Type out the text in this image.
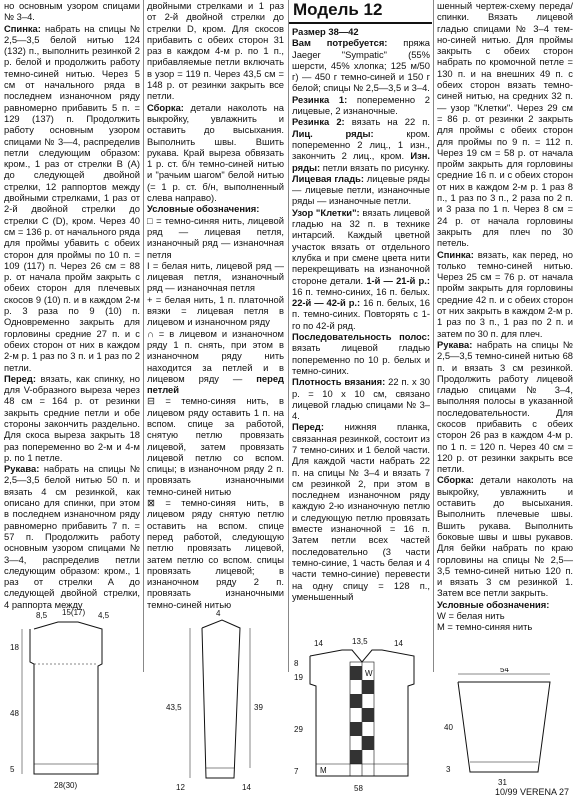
но основным узором спицами № 3–4.

Спинка: набрать на спицы № 2,5—3,5 белой нитью 124 (132) п., выполнить резинкой 2 р. белой и продолжить работу темно-синей нитью. Через 5 см от начального ряда в последнем изнаночном ряду равномерно прибавить 5 п. = 129 (137) п. Продолжить работу основным узором спицами № 3—4, распределив петли следующим образом: кром., 1 раз от стрелки В (А) до следующей двойной стрелки, 12 раппортов между двойными стрелками, 1 раз от 2-й двойной стрелки до стрелки С (D), кром. Через 40 см = 136 р. от начального ряда для проймы убавить с обеих сторон для проймы по 10 п. = 109 (117) п. Через 26 см = 88 р. от начала пройм закрыть с обеих сторон для плечевых скосов 9 (10) п. и в каждом 2-м р. 3 раза по 9 (10) п. Одновременно закрыть для горловины средние 27 п. и с обеих сторон от них в каждом 2-м р. 1 раз по 3 п. и 1 раз по 2 петли.

Перед: вязать, как спинку, но для V-образного выреза через 48 см = 164 р. от резинки закрыть средние петли и обе стороны закончить раздельно. Для скоса выреза закрыть 18 раз попеременно во 2-м и 4-м р. по 1 петле.

Рукава: набрать на спицы № 2,5—3,5 белой нитью 50 п. и вязать 4 см резинкой, как описано для спинки, при этом в последнем изнаночном ряду равномерно прибавить 7 п. = 57 п. Продолжить работу основным узором спицами № 3—4, распределив петли следующим образом: кром., 1 раз от стрелки А до следующей двойной стрелки, 4 раппорта между

двойными стрелками и 1 раз от 2-й двойной стрелки до стрелки D, кром. Для скосов прибавить с обеих сторон 31 раз в каждом 4-м р. по 1 п., прибавляемые петли включать в узор = 119 п. Через 43,5 см = 148 р. от резинки закрыть все петли.

Сборка: детали наколоть на выкройку, увлажнить и оставить до высыхания. Выполнить швы. Вшить рукава. Край выреза обвязать 1 р. ст. б/н темно-синей нитью и "рачьим шагом" белой нитью (= 1 р. ст. б/н, выполненный слева направо).

Условные обозначения:

□ = темно-синяя нить, лицевой ряд — лицевая петля, изнаночный ряд — изнаночная петля

I = белая нить, лицевой ряд — лицевая петля, изнаночный ряд — изнаночная петля

+ = белая нить, 1 п. платочной вязки = лицевая петля в лицевом и изнаночном ряду

∩ = в лицевом и изнаночном ряду 1 п. снять, при этом в изнаночном ряду нить находится за петлей и в лицевом ряду — перед петлей

⊟ = темно-синяя нить, в лицевом ряду оставить 1 п. на вспом. спице за работой, снятую петлю провязать лицевой, затем провязать лицевой петлю со вспом. спицы; в изнаночном ряду 2 п. провязать изнаночными темно-синей нитью

⊠ = темно-синяя нить, в лицевом ряду снятую петлю оставить на вспом. спице перед работой, следующую петлю провязать лицевой, затем петлю со вспом. спицы провязать лицевой; в изнаночном ряду 2 п. провязать изнаночными темно-синей нитью

Модель 12

Размер 38—42

Вам потребуется: пряжа Jaeger "Sympatic" (55% шерсти, 45% хлопка; 125 м/50 г) — 450 г темно-синей и 150 г белой; спицы № 2,5—3,5 и 3–4.

Резинка 1: попеременно 2 лицевые, 2 изнаночные.

Резинка 2: вязать на 22 п. Лиц. ряды:	кром. попеременно 2 лиц., 1 изн., закончить 2 лиц., кром. Изн. ряды: петли вязать по рисунку.

Лицевая гладь: лицевые ряды — лицевые петли, изнаночные ряды — изнаночные петли.

Узор "Клетки": вязать лицевой гладью на 32 п. в технике интарсий. Каждый цветной участок вязать от отдельного клубка и при смене цвета нити перекрещивать на изнаночной стороне детали. 1-й — 21-й р.: 16 п. темно-синих, 16 п. белых. 22-й — 42-й р.: 16 п. белых, 16 п. темно-синих. Повторять с 1-го по 42-й ряд.

Последовательность полос: вязать лицевой гладью попеременно по 10 р. белых и темно-синих.

Плотность вязания: 22 п. x 30 р. = 10 x 10 см, связано лицевой гладью спицами № 3–4.

Перед: нижняя планка, связанная резинкой, состоит из 7 темно-синих и 1 белой части. Для каждой части набрать 22 п. на спицы № 3–4 и вязать 7 см резинкой 2, при этом в последнем изнаночном ряду каждую 2-ю изнаночную петлю и следующую петлю провязать вместе изнаночной = 16 п. Затем петли всех частей последовательно (3 части темно-синие, 1 часть белая и 4 части темно-синие) перевести на одну спицу = 128 п., уменьшенный

шенный чертеж-схему переда/спинки. Вязать лицевой гладью спицами № 3–4 тем-но-синей нитью. Для проймы закрыть с обеих сторон набрать по кромочной петле = 130 п. и на внешних 49 п. с обеих сторон вязать темно-синей нитью, на средних 32 п. — узор "Клетки". Через 29 см = 86 р. от резинки 2 закрыть для проймы с обеих сторон для проймы по 9 п. = 112 п. Через 19 см = 58 р. от начала пройм закрыть для горловины средние 16 п. и с обеих сторон от них в каждом 2-м р. 1 раз 8 п., 1 раз по 3 п., 2 раза по 2 п. и 3 раза по 1 п. Через 8 см = 24 р. от начала горловины закрыть для плеч по 30 петель.

Спинка: вязать, как перед, но только темно-синей нитью. Через 25 см = 76 р. от начала пройм закрыть для горловины средние 42 п. и с обеих сторон от них закрыть в каждом 2-м р. 1 раз по 3 п., 1 раз по 2 п. и затем по 30 п. для плеч.

Рукава: набрать на спицы № 2,5—3,5 темно-синей нитью 68 п. и вязать 3 см резинкой. Продолжить работу лицевой гладью спицами № 3–4, выполняя полосы в указанной последовательности. Для скосов прибавить с обеих сторон 26 раз в каждом 4-м р. по 1 п. = 120 п. Через 40 см = 120 р. от резинки закрыть все петли.

Сборка: детали наколоть на выкройку, увлажнить и оставить до высыхания. Выполнить плечевые швы. Вшить рукава. Выполнить боковые швы и швы рукавов. Для бейки набрать по краю горловины на спицы № 2,5—3,5 темно-синей нитью 120 п. и вязать 3 см резинкой 1. Затем все петли закрыть.

Условные обозначения:

W = белая нить

M = темно-синяя нить

8,5 15(17) 4,5
18
48
5
28(30)
4
43,5	39
12	14
14	13,5	14
8
19
29
7
W
M
58
54
40
3
31
10/99 VERENA 27
